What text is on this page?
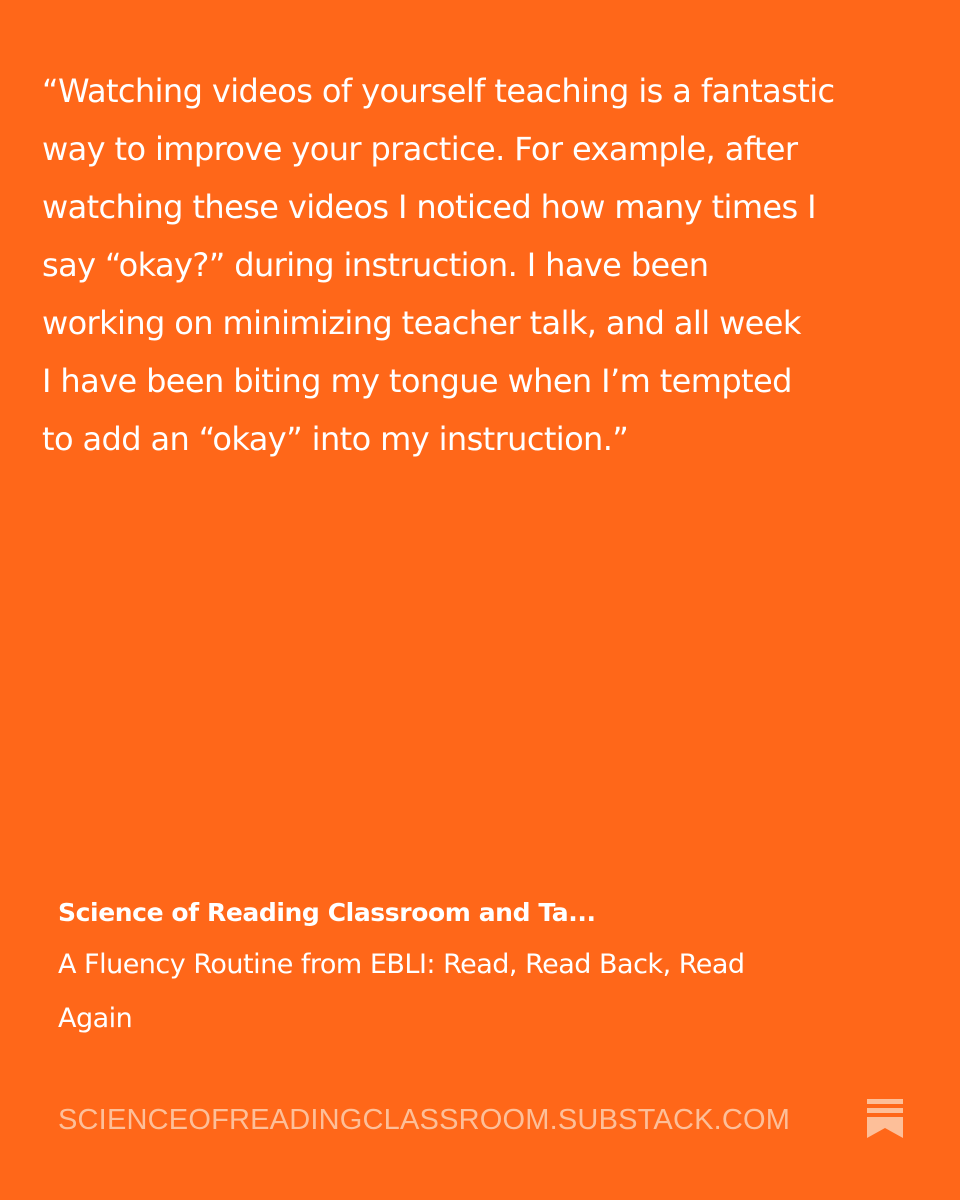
“Watching videos of yourself teaching is a fantastic
way to improve your practice. For example, after
watching these videos I noticed how many times I
say “okay?” during instruction. I have been
working on minimizing teacher talk, and all week
I have been biting my tongue when I’m tempted
to add an “okay” into my instruction.”

Science of Reading Classroom and Ta...
A Fluency Routine from EBLI: Read, Read Back, Read
Again
SCIENCEOFREADINGCLASSROOM.SUBSTACK.COM
